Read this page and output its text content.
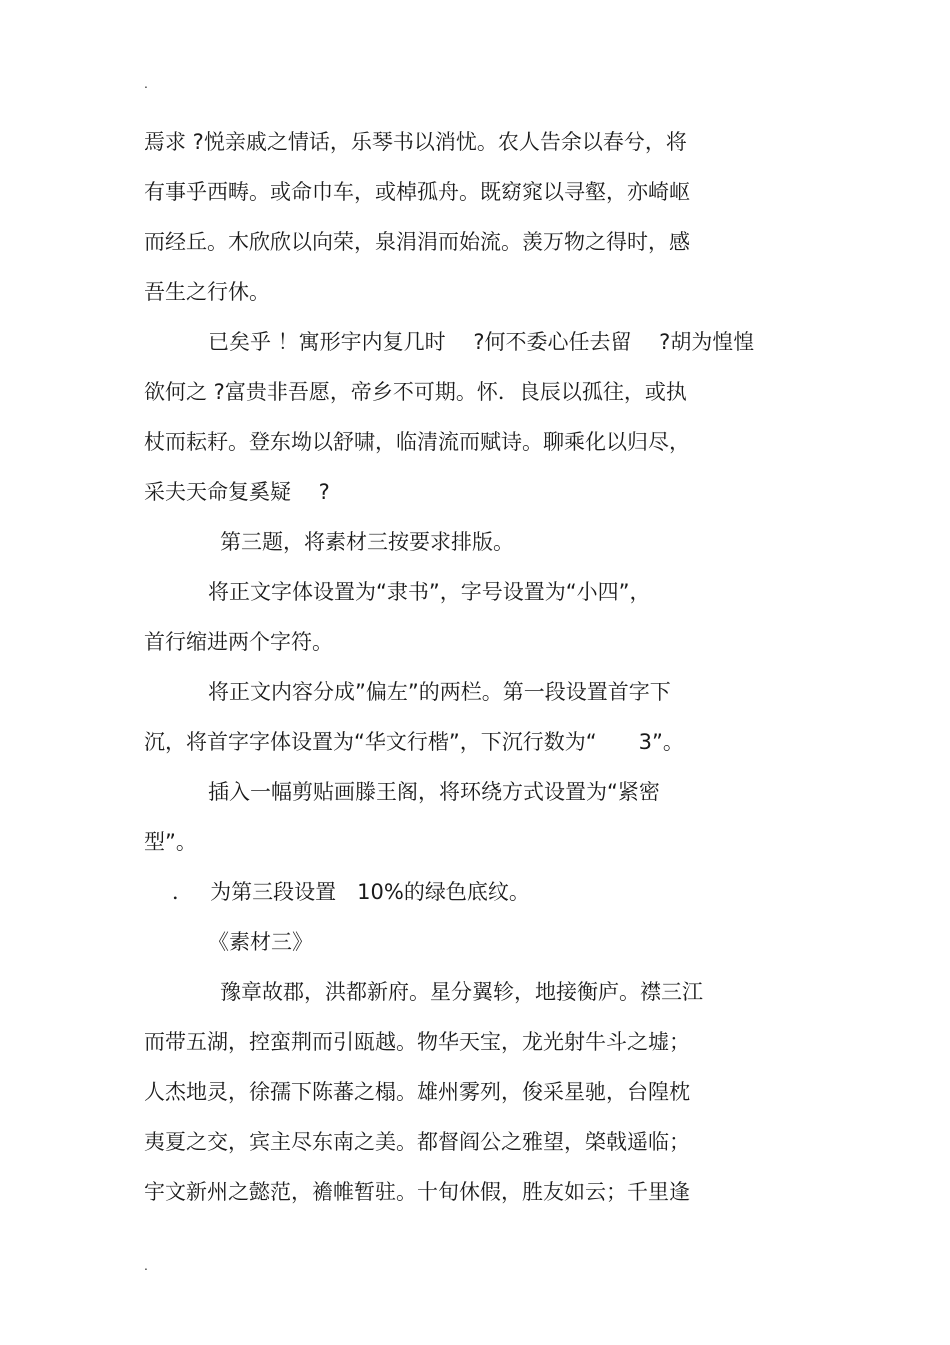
.
焉求 ?悦亲戚之情话，乐琴书以消忧。农人告余以春兮，将
有事乎西畴。或命巾车，或棹孤舟。既窈窕以寻壑，亦崎岖
而经丘。木欣欣以向荣，泉涓涓而始流。羡万物之得时，感
吾生之行休。
已矣乎 ！寓形宇内复几时　 ?何不委心任去留　 ?胡为惶惶
欲何之 ?富贵非吾愿，帝乡不可期。怀．良辰以孤往，或执
杖而耘耔。登东坳以舒啸，临清流而赋诗。聊乘化以归尽，
采夫天命复奚疑　 ?
第三题，将素材三按要求排版。
将正文字体设置为“隶书”，字号设置为“小四”，
首行缩进两个字符。
将正文内容分成”偏左”的两栏。第一段设置首字下
沉，将首字字体设置为“华文行楷”，下沉行数为“　　3”。
插入一幅剪贴画滕王阁，将环绕方式设置为“紧密
型”。
．　 为第三段设置　10%的绿色底纹。
《素材三》
豫章故郡，洪都新府。星分翼轸，地接衡庐。襟三江
而带五湖，控蛮荆而引瓯越。物华天宝，龙光射牛斗之墟；
人杰地灵，徐孺下陈蕃之榻。雄州雾列，俊采星驰，台隍枕
夷夏之交，宾主尽东南之美。都督阎公之雅望，棨戟遥临；
宇文新州之懿范，襜帷暂驻。十旬休假，胜友如云；千里逢
.
